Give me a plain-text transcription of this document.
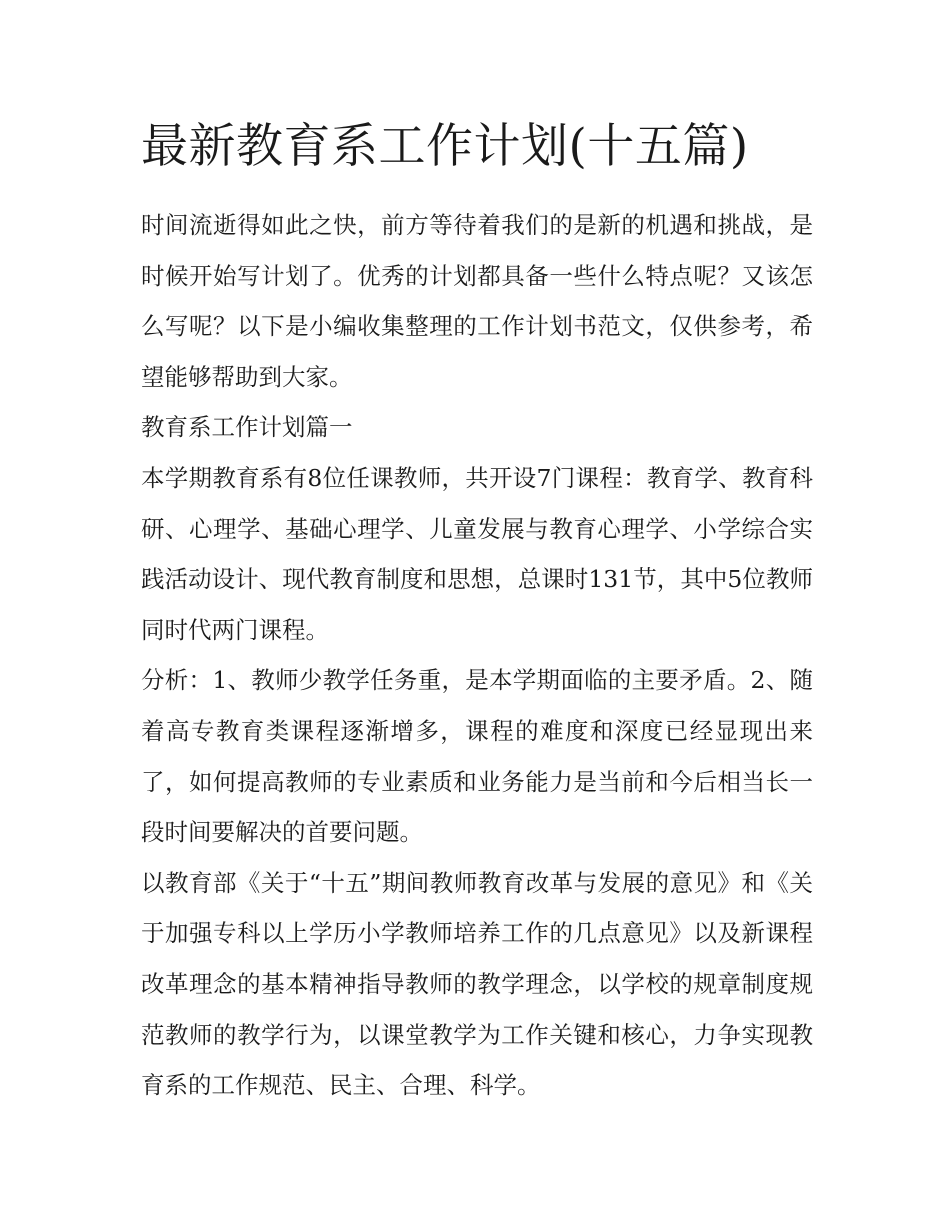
最新教育系工作计划(十五篇)

时间流逝得如此之快，前方等待着我们的是新的机遇和挑战，是时候开始写计划了。优秀的计划都具备一些什么特点呢？又该怎么写呢？以下是小编收集整理的工作计划书范文，仅供参考，希望能够帮助到大家。

教育系工作计划篇一

本学期教育系有8位任课教师，共开设7门课程：教育学、教育科研、心理学、基础心理学、儿童发展与教育心理学、小学综合实践活动设计、现代教育制度和思想，总课时131节，其中5位教师同时代两门课程。

分析：1、教师少教学任务重，是本学期面临的主要矛盾。2、随着高专教育类课程逐渐增多，课程的难度和深度已经显现出来了，如何提高教师的专业素质和业务能力是当前和今后相当长一段时间要解决的首要问题。

以教育部《关于“十五”期间教师教育改革与发展的意见》和《关于加强专科以上学历小学教师培养工作的几点意见》以及新课程改革理念的基本精神指导教师的教学理念，以学校的规章制度规范教师的教学行为，以课堂教学为工作关键和核心，力争实现教育系的工作规范、民主、合理、科学。
